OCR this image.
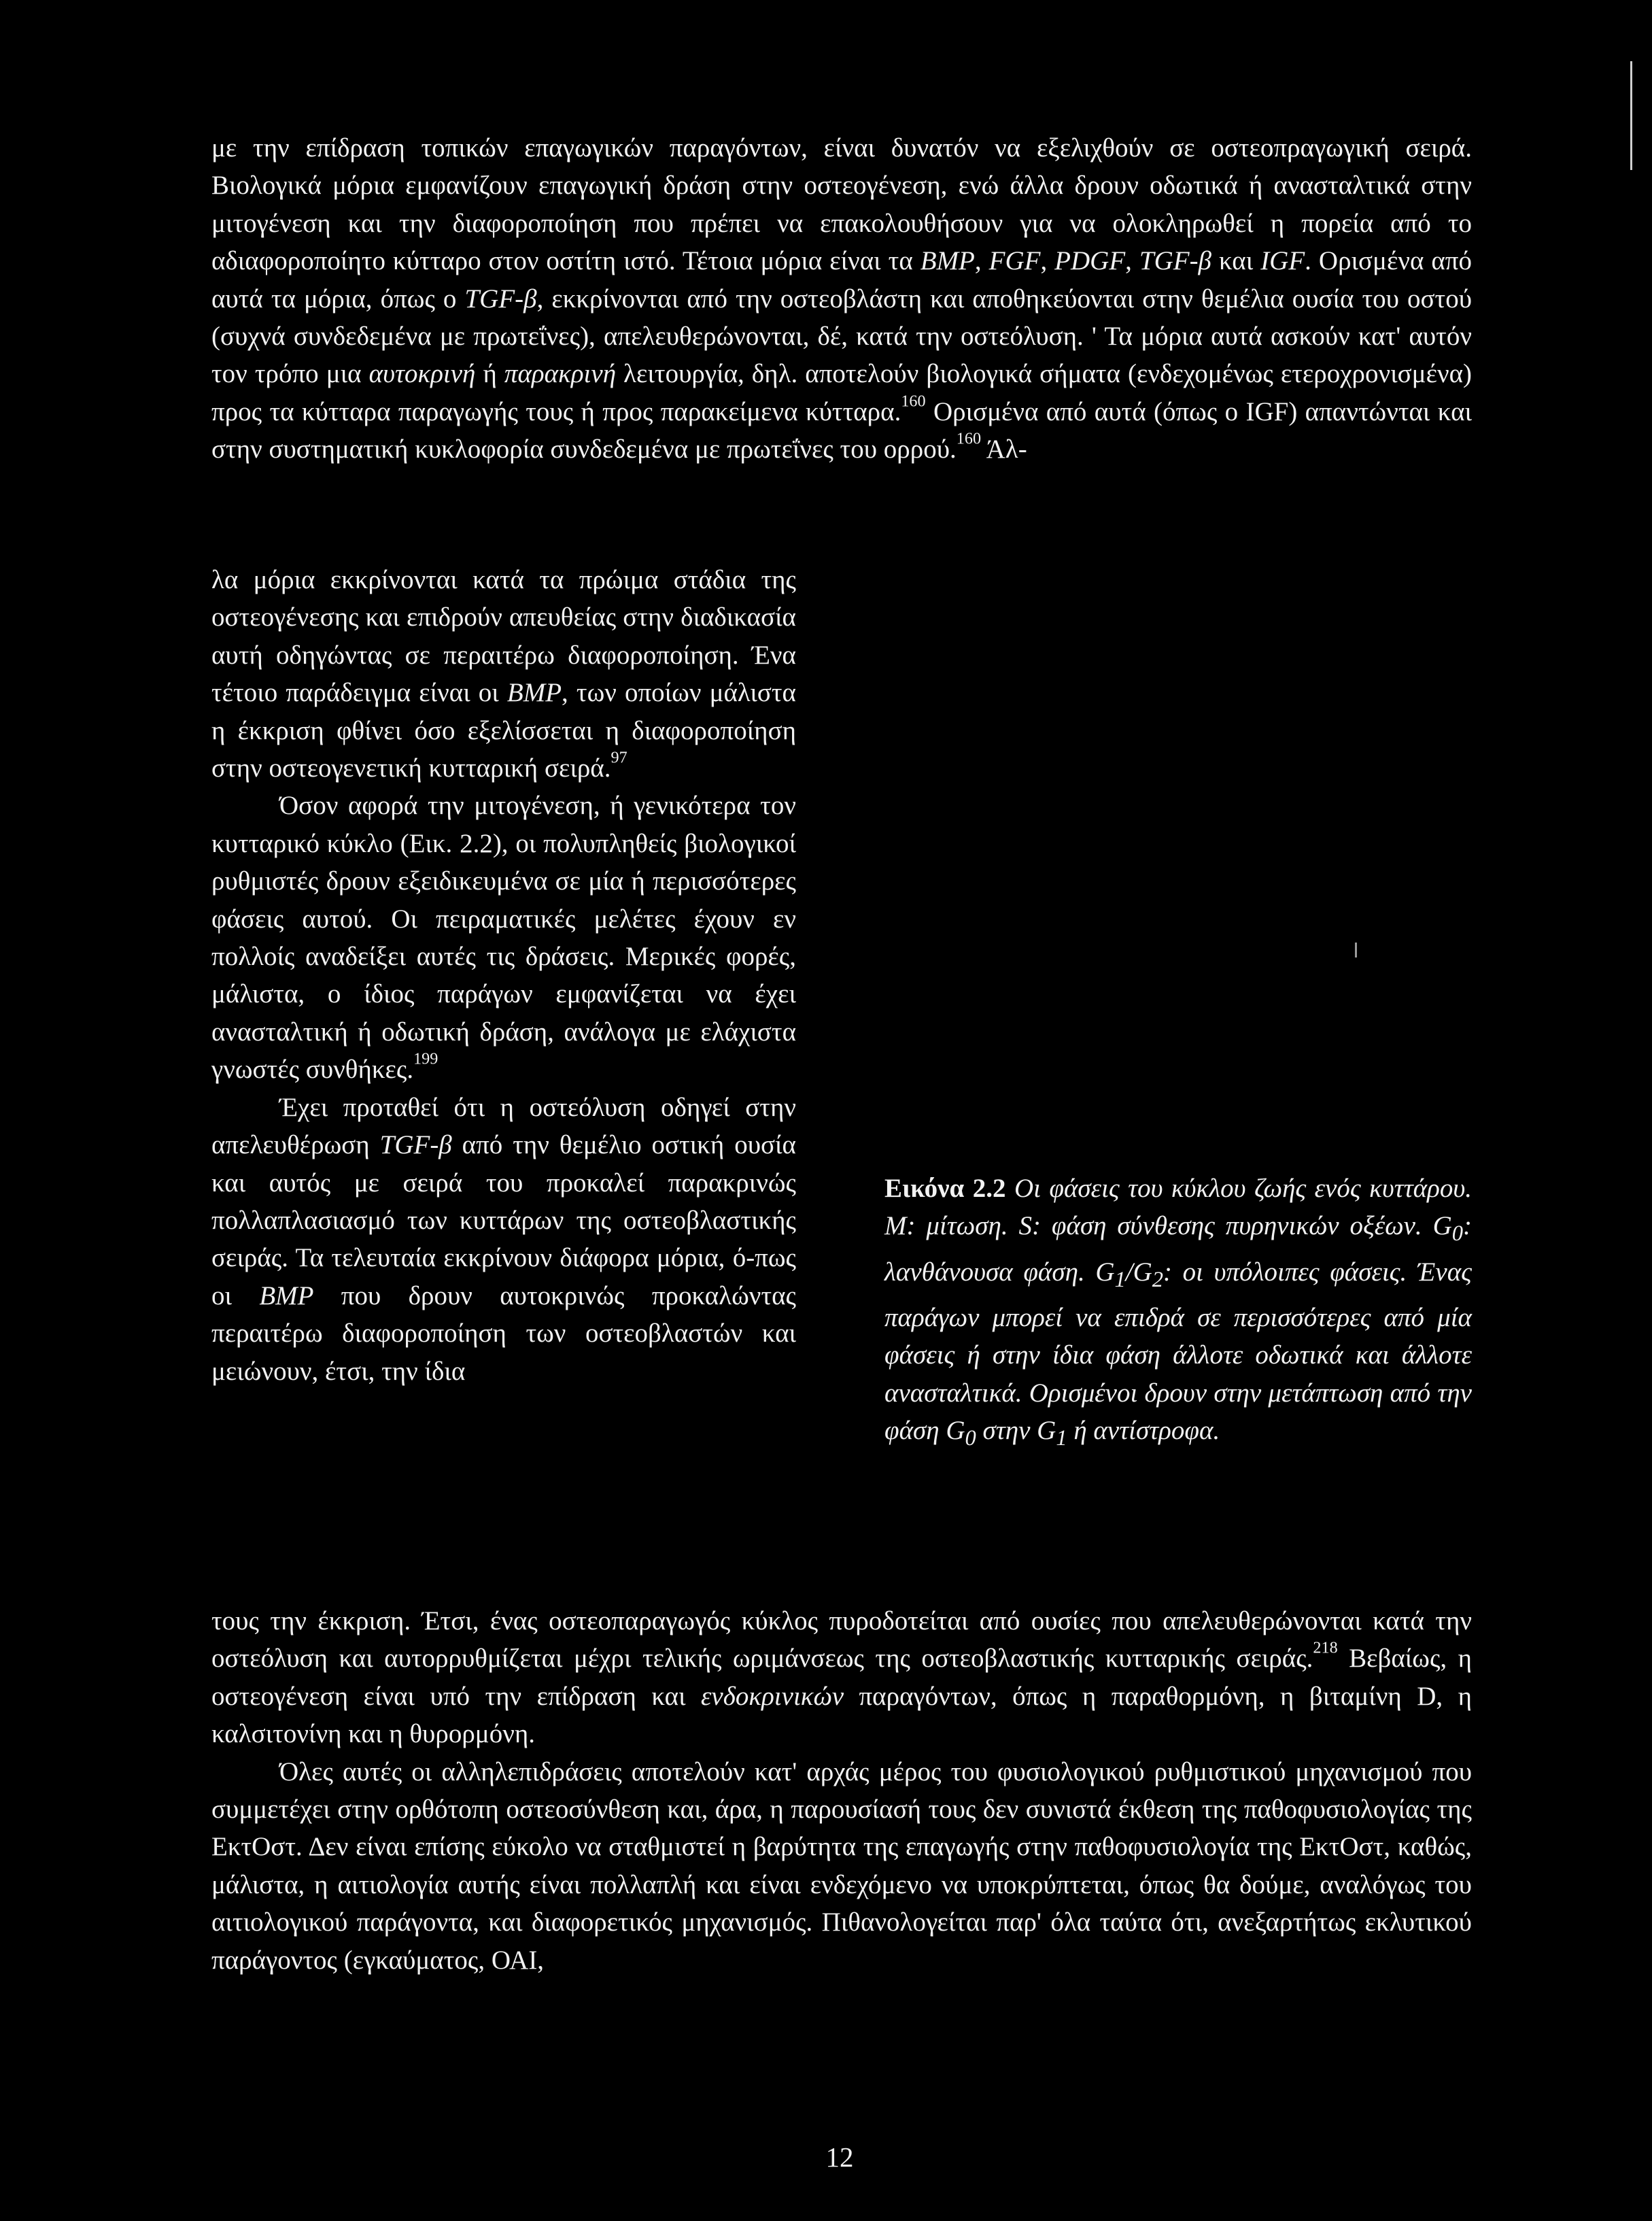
με την επίδραση τοπικών επαγωγικών παραγόντων, είναι δυνατόν να εξελιχθούν σε οστεοπραγωγική σειρά. Βιολογικά μόρια εμφανίζουν επαγωγική δράση στην οστεογένεση, ενώ άλλα δρουν οδωτικά ή ανασταλτικά στην μιτογένεση και την διαφοροποίηση που πρέπει να επακολουθήσουν για να ολοκληρωθεί η πορεία από το αδιαφοροποίητο κύτταρο στον οστίτη ιστό. Τέτοια μόρια είναι τα BMP, FGF, PDGF, TGF-β και IGF. Ορισμένα από αυτά τα μόρια, όπως ο TGF-β, εκκρίνονται από την οστεοβλάστη και αποθηκεύονται στην θεμέλια ουσία του οστού (συχνά συνδεδεμένα με πρωτεΐνες), απελευθερώνονται, δέ, κατά την οστεόλυση. ' Τα μόρια αυτά ασκούν κατ' αυτόν τον τρόπο μια αυτοκρινή ή παρακρινή λειτουργία, δηλ. αποτελούν βιολογικά σήματα (ενδεχομένως ετεροχρονισμένα) προς τα κύτταρα παραγωγής τους ή προς παρακείμενα κύτταρα.$^{160}$ Ορισμένα από αυτά (όπως ο IGF) απαντώνται και στην συστηματική κυκλοφορία συνδεδεμένα με πρωτεΐνες του ορρού.$^{160}$ Άλ-

λα μόρια εκκρίνονται κατά τα πρώιμα στάδια της οστεογένεσης και επιδρούν απευθείας στην διαδικασία αυτή οδηγώντας σε περαιτέρω διαφοροποίηση. Ένα τέτοιο παράδειγμα είναι οι BMP, των οποίων μάλιστα η έκκριση φθίνει όσο εξελίσσεται η διαφοροποίηση στην οστεογενετική κυτταρική σειρά.$^{97}$

Όσον αφορά την μιτογένεση, ή γενικότερα τον κυτταρικό κύκλο (Εικ. 2.2), οι πολυπληθείς βιολογικοί ρυθμιστές δρουν εξειδικευμένα σε μία ή περισσότερες φάσεις αυτού. Οι πειραματικές μελέτες έχουν εν πολλοίς αναδείξει αυτές τις δράσεις. Μερικές φορές, μάλιστα, ο ίδιος παράγων εμφανίζεται να έχει ανασταλτική ή οδωτική δράση, ανάλογα με ελάχιστα γνωστές συνθήκες.$^{199}$

Έχει προταθεί ότι η οστεόλυση οδηγεί στην απελευθέρωση TGF-β από την θεμέλιο οστική ουσία και αυτός με σειρά του προκαλεί παρακρινώς πολλαπλασιασμό των κυττάρων της οστεοβλαστικής σειράς. Τα τελευταία εκκρίνουν διάφορα μόρια, ό-πως οι BMP που δρουν αυτοκρινώς προκαλώντας περαιτέρω διαφοροποίηση των οστεοβλαστών και μειώνουν, έτσι, την ίδια

Εικόνα 2.2 Οι φάσεις του κύκλου ζωής ενός κυττάρου. M: μίτωση. S: φάση σύνθεσης πυρηνικών οξέων. $G_0$: λανθάνουσα φάση. $G_1/G_2$: οι υπόλοιπες φάσεις. Ένας παράγων μπορεί να επιδρά σε περισσότερες από μία φάσεις ή στην ίδια φάση άλλοτε οδωτικά και άλλοτε ανασταλτικά. Ορισμένοι δρουν στην μετάπτωση από την φάση $G_0$ στην $G_1$ ή αντίστροφα.

τους την έκκριση. Έτσι, ένας οστεοπαραγωγός κύκλος πυροδοτείται από ουσίες που απελευθερώνονται κατά την οστεόλυση και αυτορρυθμίζεται μέχρι τελικής ωριμάνσεως της οστεοβλαστικής κυτταρικής σειράς.$^{218}$ Βεβαίως, η οστεογένεση είναι υπό την επίδραση και ενδοκρινικών παραγόντων, όπως η παραθορμόνη, η βιταμίνη D, η καλσιτονίνη και η θυρορμόνη.

Όλες αυτές οι αλληλεπιδράσεις αποτελούν κατ' αρχάς μέρος του φυσιολογικού ρυθμιστικού μηχανισμού που συμμετέχει στην ορθότοπη οστεοσύνθεση και, άρα, η παρουσίασή τους δεν συνιστά έκθεση της παθοφυσιολογίας της ΕκτΟστ. Δεν είναι επίσης εύκολο να σταθμιστεί η βαρύτητα της επαγωγής στην παθοφυσιολογία της ΕκτΟστ, καθώς, μάλιστα, η αιτιολογία αυτής είναι πολλαπλή και είναι ενδεχόμενο να υποκρύπτεται, όπως θα δούμε, αναλόγως του αιτιολογικού παράγοντα, και διαφορετικός μηχανισμός. Πιθανολογείται παρ' όλα ταύτα ότι, ανεξαρτήτως εκλυτικού παράγοντος (εγκαύματος, ΟΑΙ,

12
